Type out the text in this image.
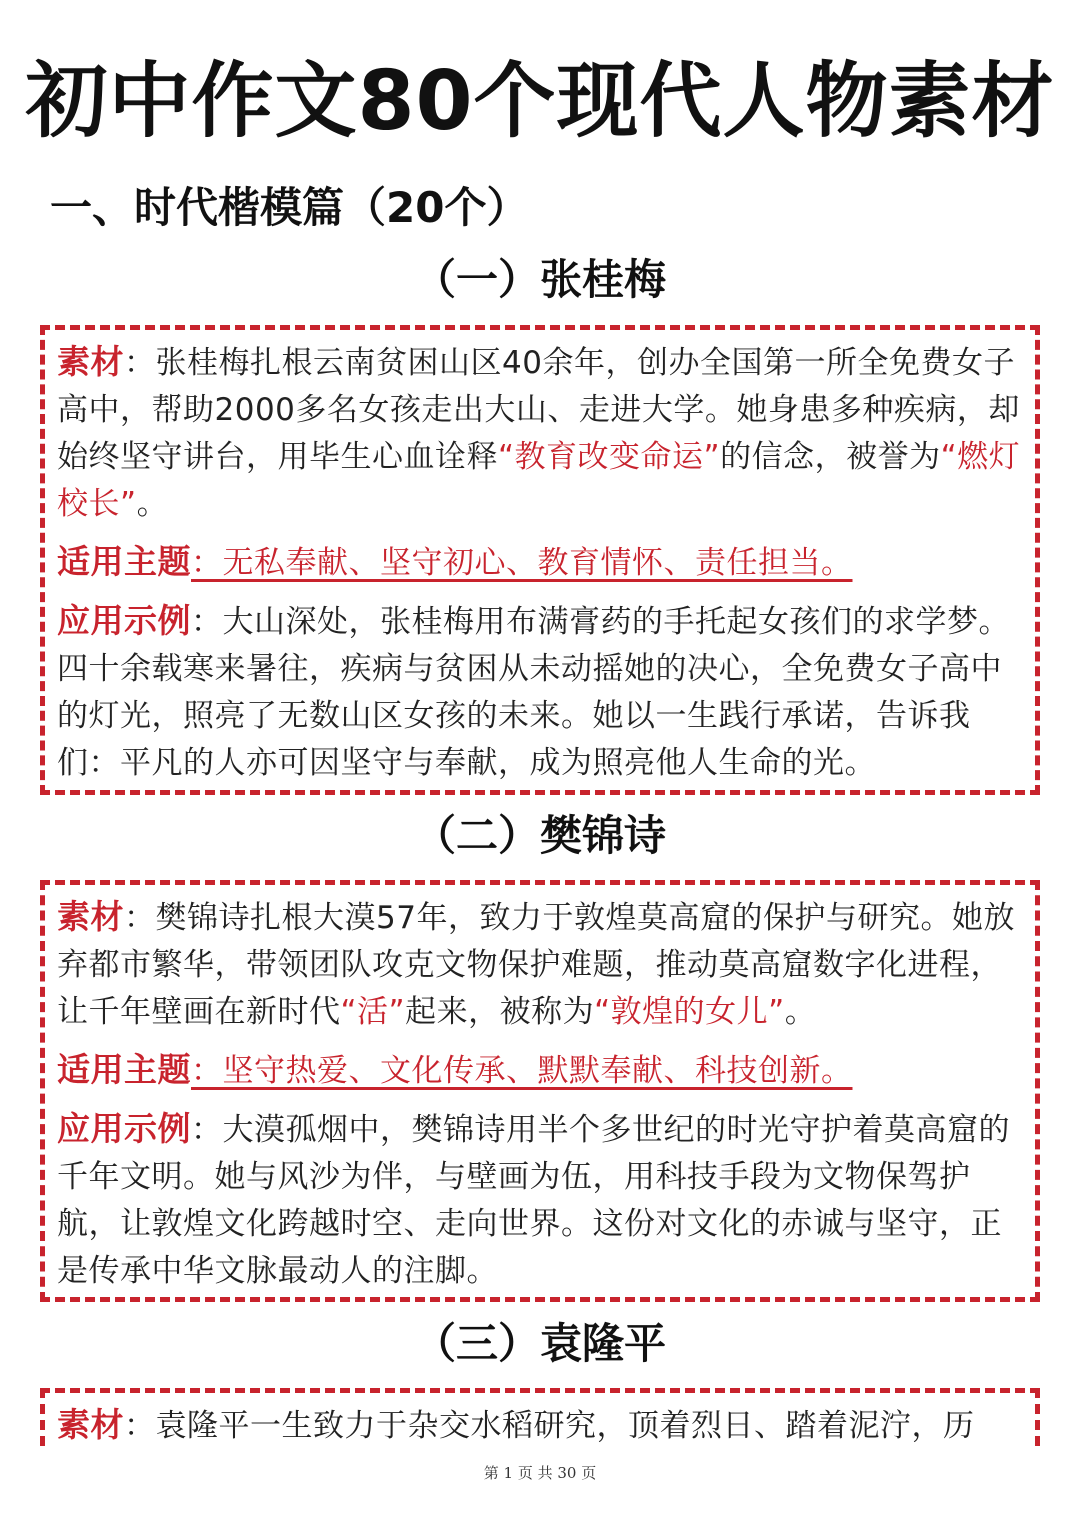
初中作文80个现代人物素材
一、时代楷模篇（20个）
（一）张桂梅

素材：张桂梅扎根云南贫困山区40余年，创办全国第一所全免费女子高中，帮助2000多名女孩走出大山、走进大学。她身患多种疾病，却始终坚守讲台，用毕生心血诠释“教育改变命运”的信念，被誉为“燃灯校长”。

适用主题：无私奉献、坚守初心、教育情怀、责任担当。

应用示例：大山深处，张桂梅用布满膏药的手托起女孩们的求学梦。四十余载寒来暑往，疾病与贫困从未动摇她的决心，全免费女子高中的灯光，照亮了无数山区女孩的未来。她以一生践行承诺，告诉我们：平凡的人亦可因坚守与奉献，成为照亮他人生命的光。

（二）樊锦诗

素材：樊锦诗扎根大漠57年，致力于敦煌莫高窟的保护与研究。她放弃都市繁华，带领团队攻克文物保护难题，推动莫高窟数字化进程，让千年壁画在新时代“活”起来，被称为“敦煌的女儿”。

适用主题：坚守热爱、文化传承、默默奉献、科技创新。

应用示例：大漠孤烟中，樊锦诗用半个多世纪的时光守护着莫高窟的千年文明。她与风沙为伴，与壁画为伍，用科技手段为文物保驾护航，让敦煌文化跨越时空、走向世界。这份对文化的赤诚与坚守，正是传承中华文脉最动人的注脚。

（三）袁隆平

素材：袁隆平一生致力于杂交水稻研究，顶着烈日、踏着泥泞，历

第 1 页 共 30 页
